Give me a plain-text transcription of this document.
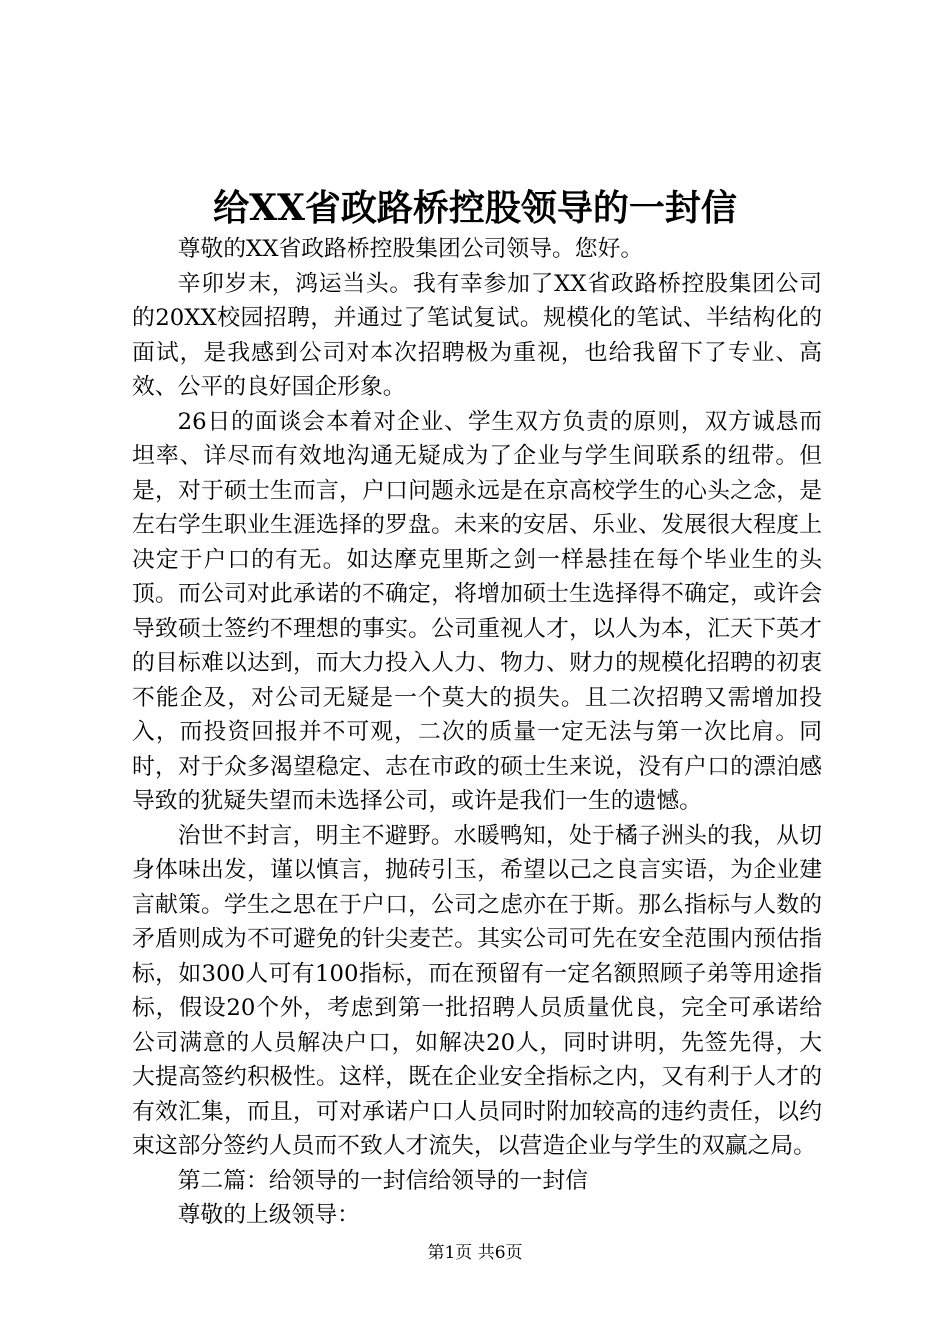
给XX省政路桥控股领导的一封信

尊敬的XX省政路桥控股集团公司领导。您好。

辛卯岁末，鸿运当头。我有幸参加了XX省政路桥控股集团公司的20XX校园招聘，并通过了笔试复试。规模化的笔试、半结构化的面试，是我感到公司对本次招聘极为重视，也给我留下了专业、高效、公平的良好国企形象。

26日的面谈会本着对企业、学生双方负责的原则，双方诚恳而坦率、详尽而有效地沟通无疑成为了企业与学生间联系的纽带。但是，对于硕士生而言，户口问题永远是在京高校学生的心头之念，是左右学生职业生涯选择的罗盘。未来的安居、乐业、发展很大程度上决定于户口的有无。如达摩克里斯之剑一样悬挂在每个毕业生的头顶。而公司对此承诺的不确定，将增加硕士生选择得不确定，或许会导致硕士签约不理想的事实。公司重视人才，以人为本，汇天下英才的目标难以达到，而大力投入人力、物力、财力的规模化招聘的初衷不能企及，对公司无疑是一个莫大的损失。且二次招聘又需增加投入，而投资回报并不可观，二次的质量一定无法与第一次比肩。同时，对于众多渴望稳定、志在市政的硕士生来说，没有户口的漂泊感导致的犹疑失望而未选择公司，或许是我们一生的遗憾。

治世不封言，明主不避野。水暖鸭知，处于橘子洲头的我，从切身体味出发，谨以慎言，抛砖引玉，希望以己之良言实语，为企业建言献策。学生之思在于户口，公司之虑亦在于斯。那么指标与人数的矛盾则成为不可避免的针尖麦芒。其实公司可先在安全范围内预估指标，如300人可有100指标，而在预留有一定名额照顾子弟等用途指标，假设20个外，考虑到第一批招聘人员质量优良，完全可承诺给公司满意的人员解决户口，如解决20人，同时讲明，先签先得，大大提高签约积极性。这样，既在企业安全指标之内，又有利于人才的有效汇集，而且，可对承诺户口人员同时附加较高的违约责任，以约束这部分签约人员而不致人才流失，以营造企业与学生的双赢之局。

第二篇：给领导的一封信给领导的一封信

尊敬的上级领导：

第1页 共6页
